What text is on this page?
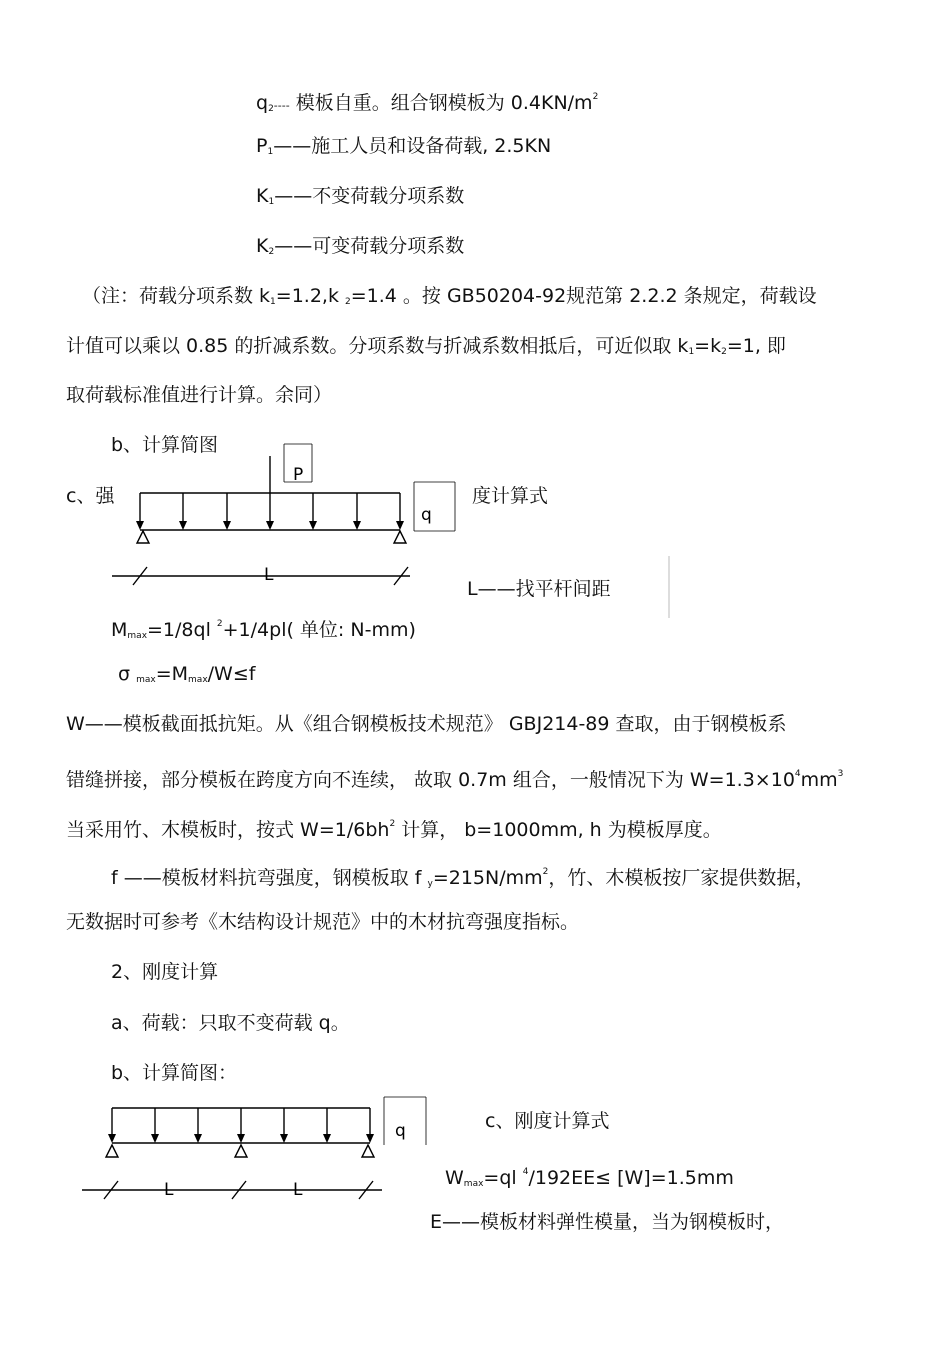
q2---- 模板自重。组合钢模板为 $0.4KN/m^2$
P1——施工人员和设备荷载, 2.5KN
K1——不变荷载分项系数
K2——可变荷载分项系数
（注：荷载分项系数 k1=1.2,k 2=1.4 。按 GB50204-92规范第 2.2.2 条规定，荷载设
计值可以乘以 0.85 的折减系数。分项系数与折减系数相抵后，可近似取 k1=k2=1, 即
取荷载标准值进行计算。余同）
b、计算简图
c、强	度计算式
L——找平杆间距
Mmax=1/8ql $^2$+1/4pl( 单位: N-mm)
σ max=Mmax/W≤f
W——模板截面抵抗矩。从《组合钢模板技术规范》 GBJ214-89 查取，由于钢模板系
错缝拼接，部分模板在跨度方向不连续， 故取 0.7m 组合，一般情况下为 $W=1.3\times 10^4mm^3$
当采用竹、木模板时，按式 $W=1/6bh^2$ 计算， b=1000mm, h 为模板厚度。
f ——模板材料抗弯强度，钢模板取 f $y=215N/mm^2$，竹、木模板按厂家提供数据，
无数据时可参考《木结构设计规范》中的木材抗弯强度指标。
2、刚度计算
a、荷载：只取不变荷载 q。
b、计算简图：
c、刚度计算式
Wmax=ql $^4$/192EE≤ [W]=1.5mm
E——模板材料弹性模量，当为钢模板时，
P
q
L
q
L	L
